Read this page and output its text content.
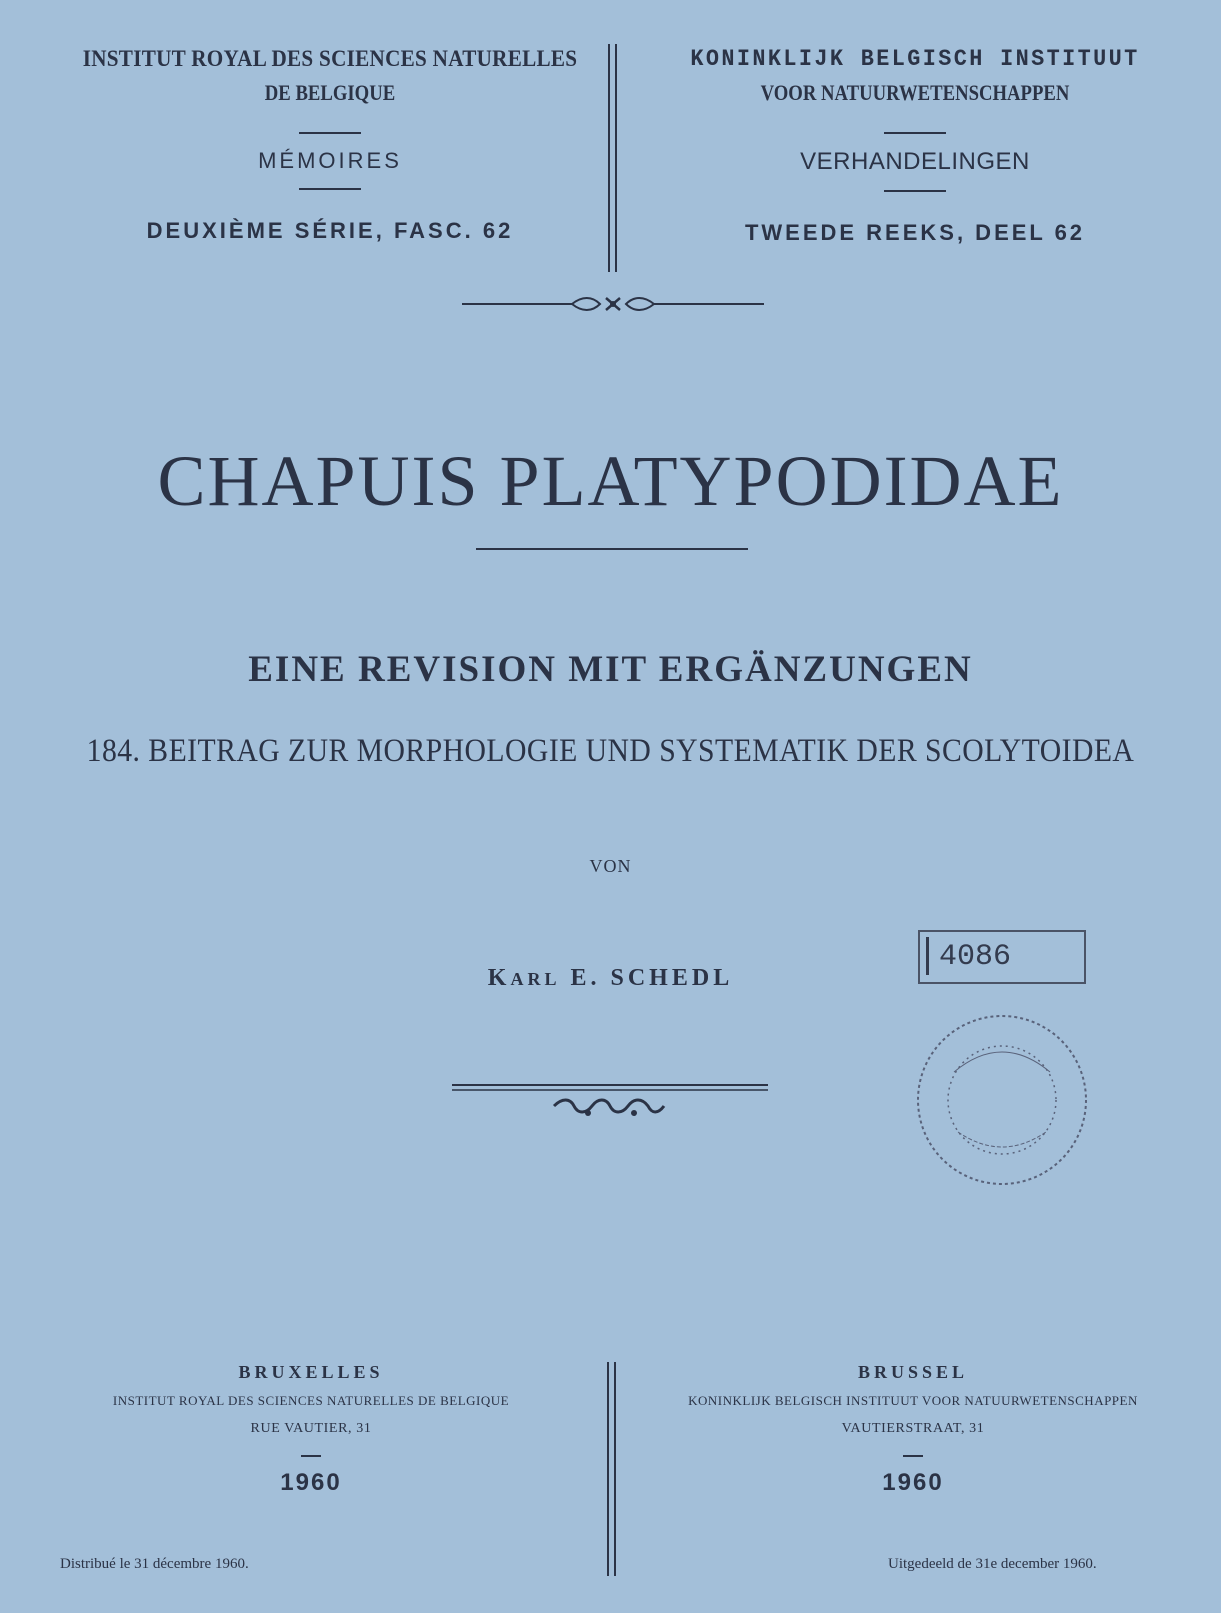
INSTITUT ROYAL DES SCIENCES NATURELLES
DE BELGIQUE
MÉMOIRES
DEUXIÈME SÉRIE, FASC. 62
KONINKLIJK BELGISCH INSTITUUT
VOOR NATUURWETENSCHAPPEN
VERHANDELINGEN
TWEEDE REEKS, DEEL 62
CHAPUIS PLATYPODIDAE
EINE REVISION MIT ERGÄNZUNGEN
184. BEITRAG ZUR MORPHOLOGIE UND SYSTEMATIK DER SCOLYTOIDEA
VON
KARL E. SCHEDL
4086
BRUXELLES
INSTITUT ROYAL DES SCIENCES NATURELLES DE BELGIQUE
RUE VAUTIER, 31
1960
Distribué le 31 décembre 1960.
BRUSSEL
KONINKLIJK BELGISCH INSTITUUT VOOR NATUURWETENSCHAPPEN
VAUTIERSTRAAT, 31
1960
Uitgedeeld de 31e december 1960.
